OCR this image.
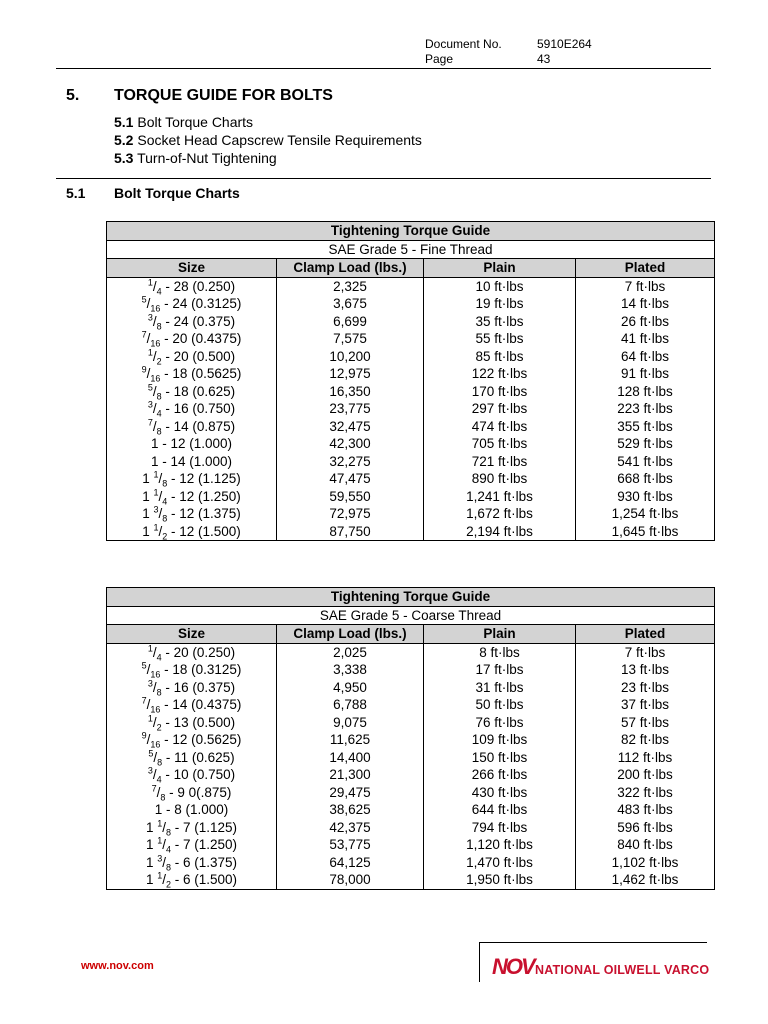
Document No.	5910E264
Page	43
5. TORQUE GUIDE FOR BOLTS
5.1 Bolt Torque Charts
5.2 Socket Head Capscrew Tensile Requirements
5.3 Turn-of-Nut Tightening
5.1 Bolt Torque Charts
Tightening Torque Guide			
SAE Grade 5 - Fine Thread			
Size	Clamp Load (lbs.)	Plain	Plated
$^1/_4 - 28$ (0.250)	2,325	10 ft·lbs	7 ft·lbs
$^5/_{16} - 24$ (0.3125)	3,675	19 ft·lbs	14 ft·lbs
$^3/_8 - 24$ (0.375)	6,699	35 ft·lbs	26 ft·lbs
$^7/_{16} - 20$ (0.4375)	7,575	55 ft·lbs	41 ft·lbs
$^1/_2 - 20$ (0.500)	10,200	85 ft·lbs	64 ft·lbs
$^9/_{16} - 18$ (0.5625)	12,975	122 ft·lbs	91 ft·lbs
$^5/_8 - 18$ (0.625)	16,350	170 ft·lbs	128 ft·lbs
$^3/_4 - 16$ (0.750)	23,775	297 ft·lbs	223 ft·lbs
$^7/_8 - 14$ (0.875)	32,475	474 ft·lbs	355 ft·lbs
1 - 12 (1.000)	42,300	705 ft·lbs	529 ft·lbs
1 - 14 (1.000)	32,275	721 ft·lbs	541 ft·lbs
1 $^1/_8 - 12$ (1.125)	47,475	890 ft·lbs	668 ft·lbs
1 $^1/_4 - 12$ (1.250)	59,550	1,241 ft·lbs	930 ft·lbs
1 $^3/_8 - 12$ (1.375)	72,975	1,672 ft·lbs	1,254 ft·lbs
1 $^1/_2 - 12$ (1.500)	87,750	2,194 ft·lbs	1,645 ft·lbs
Tightening Torque Guide			
SAE Grade 5 - Coarse Thread			
Size	Clamp Load (lbs.)	Plain	Plated
$^1/_4 - 20$ (0.250)	2,025	8 ft·lbs	7 ft·lbs
$^5/_{16} - 18$ (0.3125)	3,338	17 ft·lbs	13 ft·lbs
$^3/_8 - 16$ (0.375)	4,950	31 ft·lbs	23 ft·lbs
$^7/_{16} - 14$ (0.4375)	6,788	50 ft·lbs	37 ft·lbs
$^1/_2 - 13$ (0.500)	9,075	76 ft·lbs	57 ft·lbs
$^9/_{16} - 12$ (0.5625)	11,625	109 ft·lbs	82 ft·lbs
$^5/_8 - 11$ (0.625)	14,400	150 ft·lbs	112 ft·lbs
$^3/_4 - 10$ (0.750)	21,300	266 ft·lbs	200 ft·lbs
$^7/_8 - 9$ 0(.875)	29,475	430 ft·lbs	322 ft·lbs
1 - 8 (1.000)	38,625	644 ft·lbs	483 ft·lbs
1 $^1/_8 - 7$ (1.125)	42,375	794 ft·lbs	596 ft·lbs
1 $^1/_4 - 7$ (1.250)	53,775	1,120 ft·lbs	840 ft·lbs
1 $^3/_8 - 6$ (1.375)	64,125	1,470 ft·lbs	1,102 ft·lbs
1 $^1/_2 - 6$ (1.500)	78,000	1,950 ft·lbs	1,462 ft·lbs
www.nov.com	NOV NATIONAL OILWELL VARCO
